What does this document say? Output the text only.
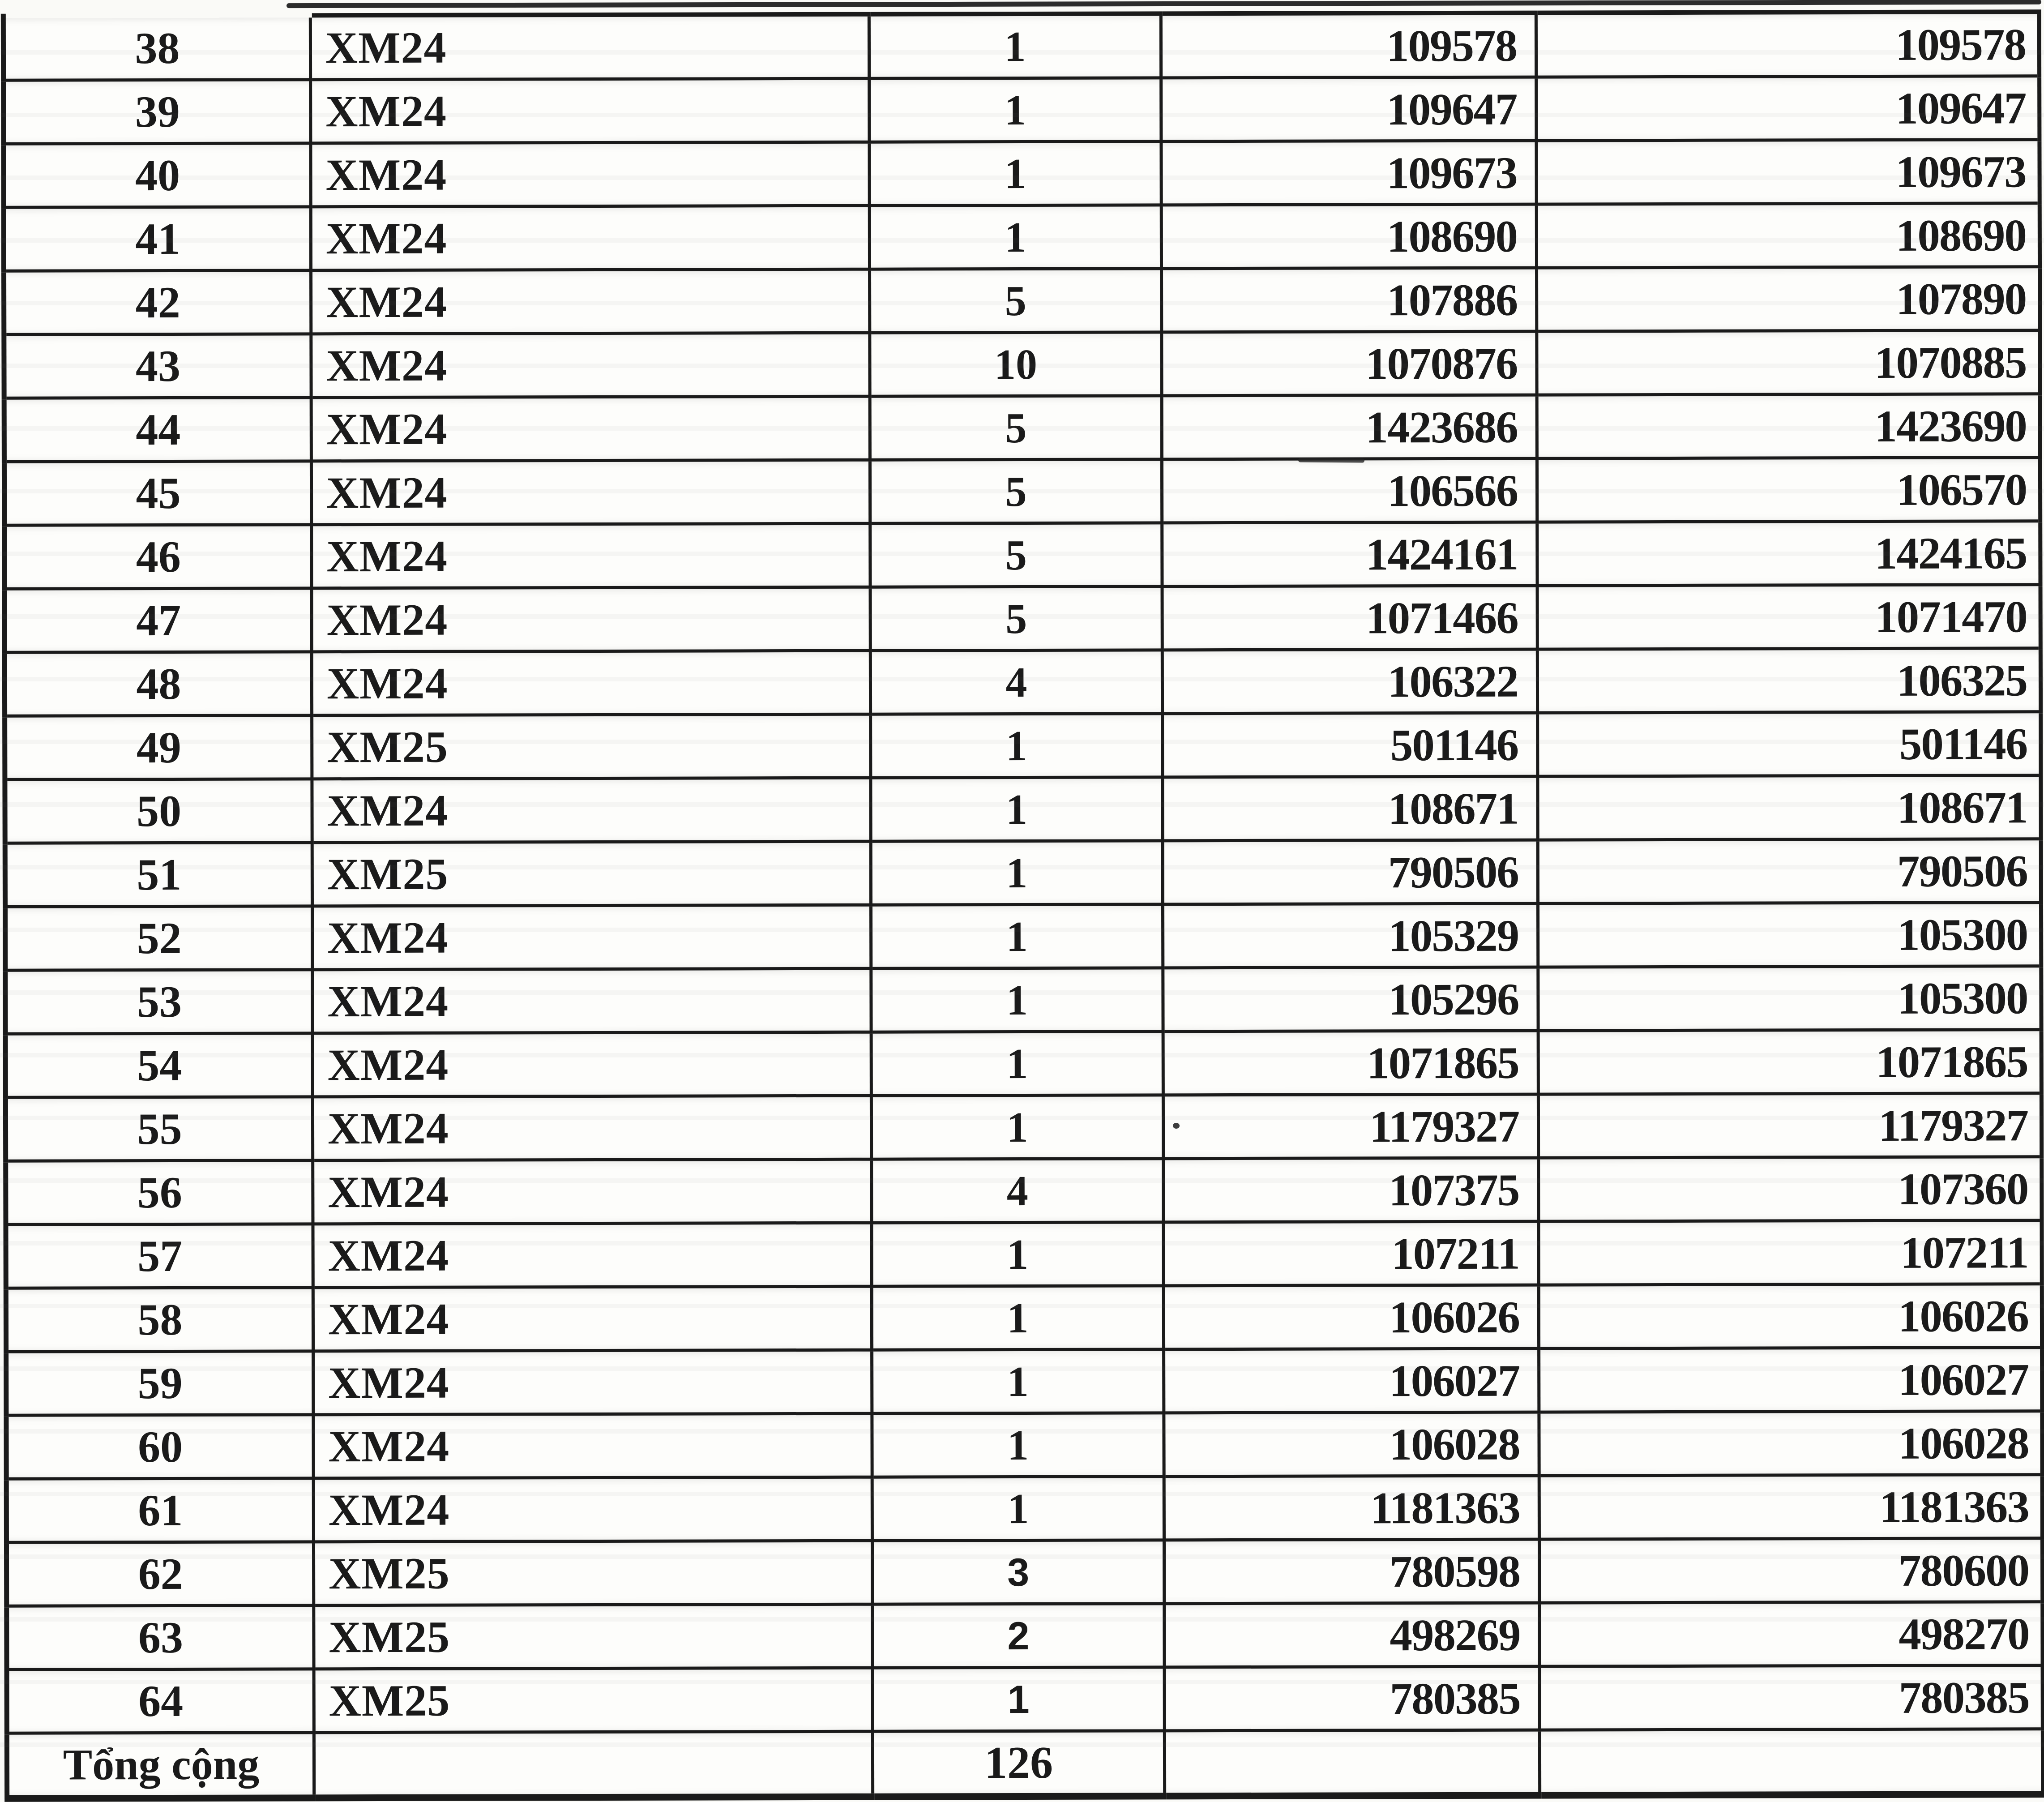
38	XM24	1	109578	109578
39	XM24	1	109647	109647
40	XM24	1	109673	109673
41	XM24	1	108690	108690
42	XM24	5	107886	107890
43	XM24	10	1070876	1070885
44	XM24	5	1423686	1423690
45	XM24	5	106566	106570
46	XM24	5	1424161	1424165
47	XM24	5	1071466	1071470
48	XM24	4	106322	106325
49	XM25	1	501146	501146
50	XM24	1	108671	108671
51	XM25	1	790506	790506
52	XM24	1	105329	105300
53	XM24	1	105296	105300
54	XM24	1	1071865	1071865
55	XM24	1	1179327	1179327
56	XM24	4	107375	107360
57	XM24	1	107211	107211
58	XM24	1	106026	106026
59	XM24	1	106027	106027
60	XM24	1	106028	106028
61	XM24	1	1181363	1181363
62	XM25	3	780598	780600
63	XM25	2	498269	498270
64	XM25	1	780385	780385
Tổng cộng		126		
